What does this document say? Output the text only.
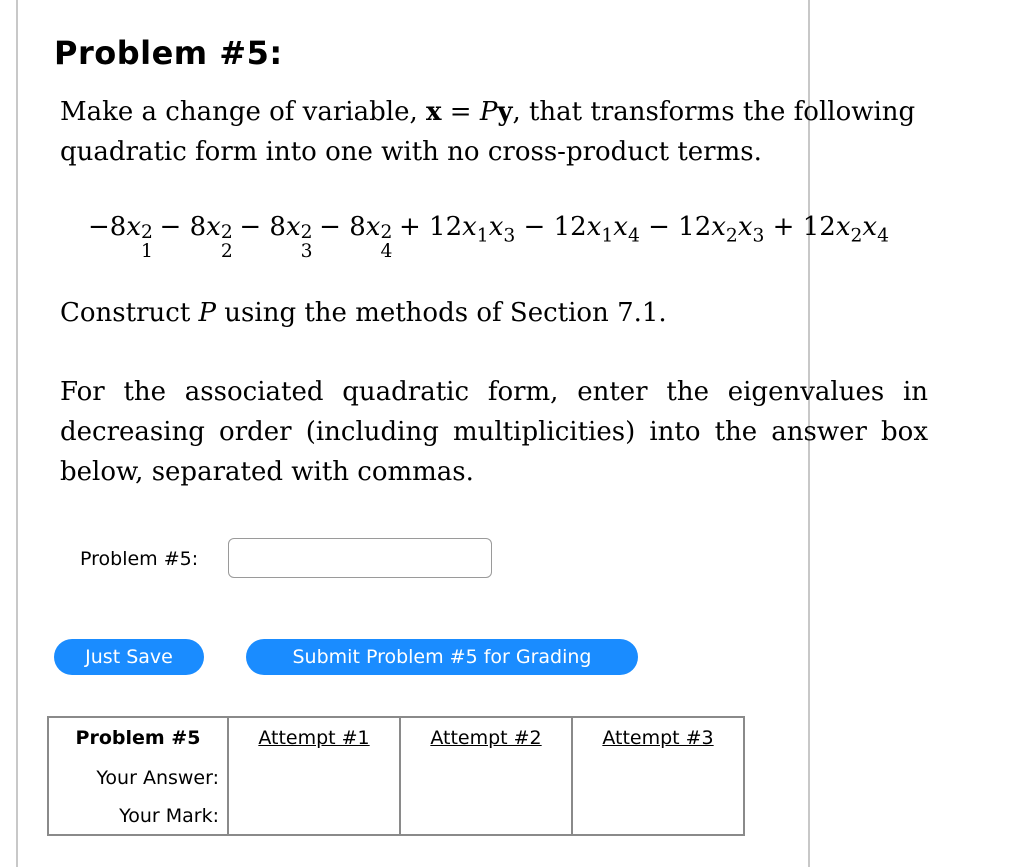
Problem #5:
Make a change of variable, x = Py, that transforms the following quadratic form into one with no cross-product terms.
−8x 2
1
− 8x 2
2
− 8x 2
3
− 8x 2
4
+ $12x_1x_3 - 12x_1x_4 - 12x_2x_3 + 12x_2x_4$
Construct P using the methods of Section 7.1.
For the associated quadratic form, enter the eigenvalues in decreasing order (including multiplicities) into the answer box below, separated with commas.
Problem #5:
Just Save	Submit Problem #5 for Grading
Problem #5	Attempt #1	Attempt #2	Attempt #3
Your Answer:			
Your Mark:			
